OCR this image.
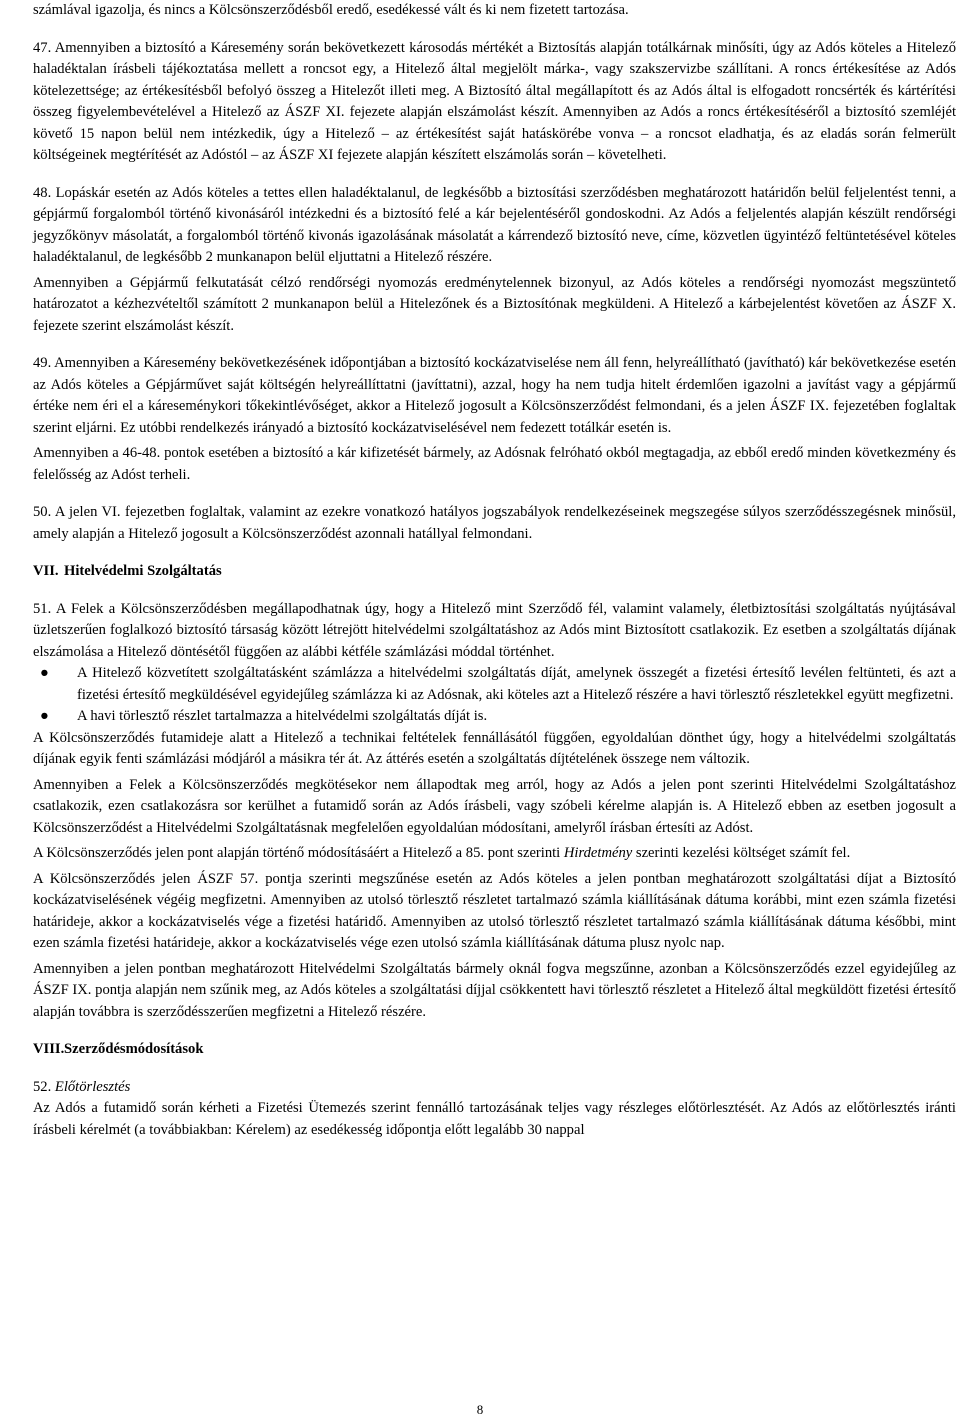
számlával igazolja, és nincs a Kölcsönszerződésből eredő, esedékessé vált és ki nem fizetett tartozása.

47. Amennyiben a biztosító a Káresemény során bekövetkezett károsodás mértékét a Biztosítás alapján totálkárnak minősíti, úgy az Adós köteles a Hitelező haladéktalan írásbeli tájékoztatása mellett a roncsot egy, a Hitelező által megjelölt márka-, vagy szakszervizbe szállítani. A roncs értékesítése az Adós kötelezettsége; az értékesítésből befolyó összeg a Hitelezőt illeti meg. A Biztosító által megállapított és az Adós által is elfogadott roncsérték és kártérítési összeg figyelembevételével a Hitelező az ÁSZF XI. fejezete alapján elszámolást készít. Amennyiben az Adós a roncs értékesítéséről a biztosító szemléjét követő 15 napon belül nem intézkedik, úgy a Hitelező – az értékesítést saját hatáskörébe vonva – a roncsot eladhatja, és az eladás során felmerült költségeinek megtérítését az Adóstól – az ÁSZF XI fejezete alapján készített elszámolás során – követelheti.

48. Lopáskár esetén az Adós köteles a tettes ellen haladéktalanul, de legkésőbb a biztosítási szerződésben meghatározott határidőn belül feljelentést tenni, a gépjármű forgalomból történő kivonásáról intézkedni és a biztosító felé a kár bejelentéséről gondoskodni. Az Adós a feljelentés alapján készült rendőrségi jegyzőkönyv másolatát, a forgalomból történő kivonás igazolásának másolatát a kárrendező biztosító neve, címe, közvetlen ügyintéző feltüntetésével köteles haladéktalanul, de legkésőbb 2 munkanapon belül eljuttatni a Hitelező részére.

Amennyiben a Gépjármű felkutatását célzó rendőrségi nyomozás eredménytelennek bizonyul, az Adós köteles a rendőrségi nyomozást megszüntető határozatot a kézhezvételtől számított 2 munkanapon belül a Hitelezőnek és a Biztosítónak megküldeni. A Hitelező a kárbejelentést követően az ÁSZF X. fejezete szerint elszámolást készít.

49. Amennyiben a Káresemény bekövetkezésének időpontjában a biztosító kockázatviselése nem áll fenn, helyreállítható (javítható) kár bekövetkezése esetén az Adós köteles a Gépjárművet saját költségén helyreállíttatni (javíttatni), azzal, hogy ha nem tudja hitelt érdemlően igazolni a javítást vagy a gépjármű értéke nem éri el a káreseménykori tőkekintlévőséget, akkor a Hitelező jogosult a Kölcsönszerződést felmondani, és a jelen ÁSZF IX. fejezetében foglaltak szerint eljárni. Ez utóbbi rendelkezés irányadó a biztosító kockázatviselésével nem fedezett totálkár esetén is.

Amennyiben a 46-48. pontok esetében a biztosító a kár kifizetését bármely, az Adósnak felróható okból megtagadja, az ebből eredő minden következmény és felelősség az Adóst terheli.

50. A jelen VI. fejezetben foglaltak, valamint az ezekre vonatkozó hatályos jogszabályok rendelkezéseinek megszegése súlyos szerződésszegésnek minősül, amely alapján a Hitelező jogosult a Kölcsönszerződést azonnali hatállyal felmondani.

VII. Hitelvédelmi Szolgáltatás

51. A Felek a Kölcsönszerződésben megállapodhatnak úgy, hogy a Hitelező mint Szerződő fél, valamint valamely, életbiztosítási szolgáltatás nyújtásával üzletszerűen foglalkozó biztosító társaság között létrejött hitelvédelmi szolgáltatáshoz az Adós mint Biztosított csatlakozik. Ez esetben a szolgáltatás díjának elszámolása a Hitelező döntésétől függően az alábbi kétféle számlázási móddal történhet.

● A Hitelező közvetített szolgáltatásként számlázza a hitelvédelmi szolgáltatás díját, amelynek összegét a fizetési értesítő levélen feltünteti, és azt a fizetési értesítő megküldésével egyidejűleg számlázza ki az Adósnak, aki köteles azt a Hitelező részére a havi törlesztő részletekkel együtt megfizetni.
● A havi törlesztő részlet tartalmazza a hitelvédelmi szolgáltatás díját is.

A Kölcsönszerződés futamideje alatt a Hitelező a technikai feltételek fennállásától függően, egyoldalúan dönthet úgy, hogy a hitelvédelmi szolgáltatás díjának egyik fenti számlázási módjáról a másikra tér át. Az áttérés esetén a szolgáltatás díjtételének összege nem változik.

Amennyiben a Felek a Kölcsönszerződés megkötésekor nem állapodtak meg arról, hogy az Adós a jelen pont szerinti Hitelvédelmi Szolgáltatáshoz csatlakozik, ezen csatlakozásra sor kerülhet a futamidő során az Adós írásbeli, vagy szóbeli kérelme alapján is. A Hitelező ebben az esetben jogosult a Kölcsönszerződést a Hitelvédelmi Szolgáltatásnak megfelelően egyoldalúan módosítani, amelyről írásban értesíti az Adóst.

A Kölcsönszerződés jelen pont alapján történő módosításáért a Hitelező a 85. pont szerinti Hirdetmény szerinti kezelési költséget számít fel.

A Kölcsönszerződés jelen ÁSZF 57. pontja szerinti megszűnése esetén az Adós köteles a jelen pontban meghatározott szolgáltatási díjat a Biztosító kockázatviselésének végéig megfizetni. Amennyiben az utolsó törlesztő részletet tartalmazó számla kiállításának dátuma korábbi, mint ezen számla fizetési határideje, akkor a kockázatviselés vége a fizetési határidő. Amennyiben az utolsó törlesztő részletet tartalmazó számla kiállításának dátuma későbbi, mint ezen számla fizetési határideje, akkor a kockázatviselés vége ezen utolsó számla kiállításának dátuma plusz nyolc nap.

Amennyiben a jelen pontban meghatározott Hitelvédelmi Szolgáltatás bármely oknál fogva megszűnne, azonban a Kölcsönszerződés ezzel egyidejűleg az ÁSZF IX. pontja alapján nem szűnik meg, az Adós köteles a szolgáltatási díjjal csökkentett havi törlesztő részletet a Hitelező által megküldött fizetési értesítő alapján továbbra is szerződésszerűen megfizetni a Hitelező részére.

VIII. Szerződésmódosítások

52. Előtörlesztés

Az Adós a futamidő során kérheti a Fizetési Ütemezés szerint fennálló tartozásának teljes vagy részleges előtörlesztését. Az Adós az előtörlesztés iránti írásbeli kérelmét (a továbbiakban: Kérelem) az esedékesség időpontja előtt legalább 30 nappal

8
